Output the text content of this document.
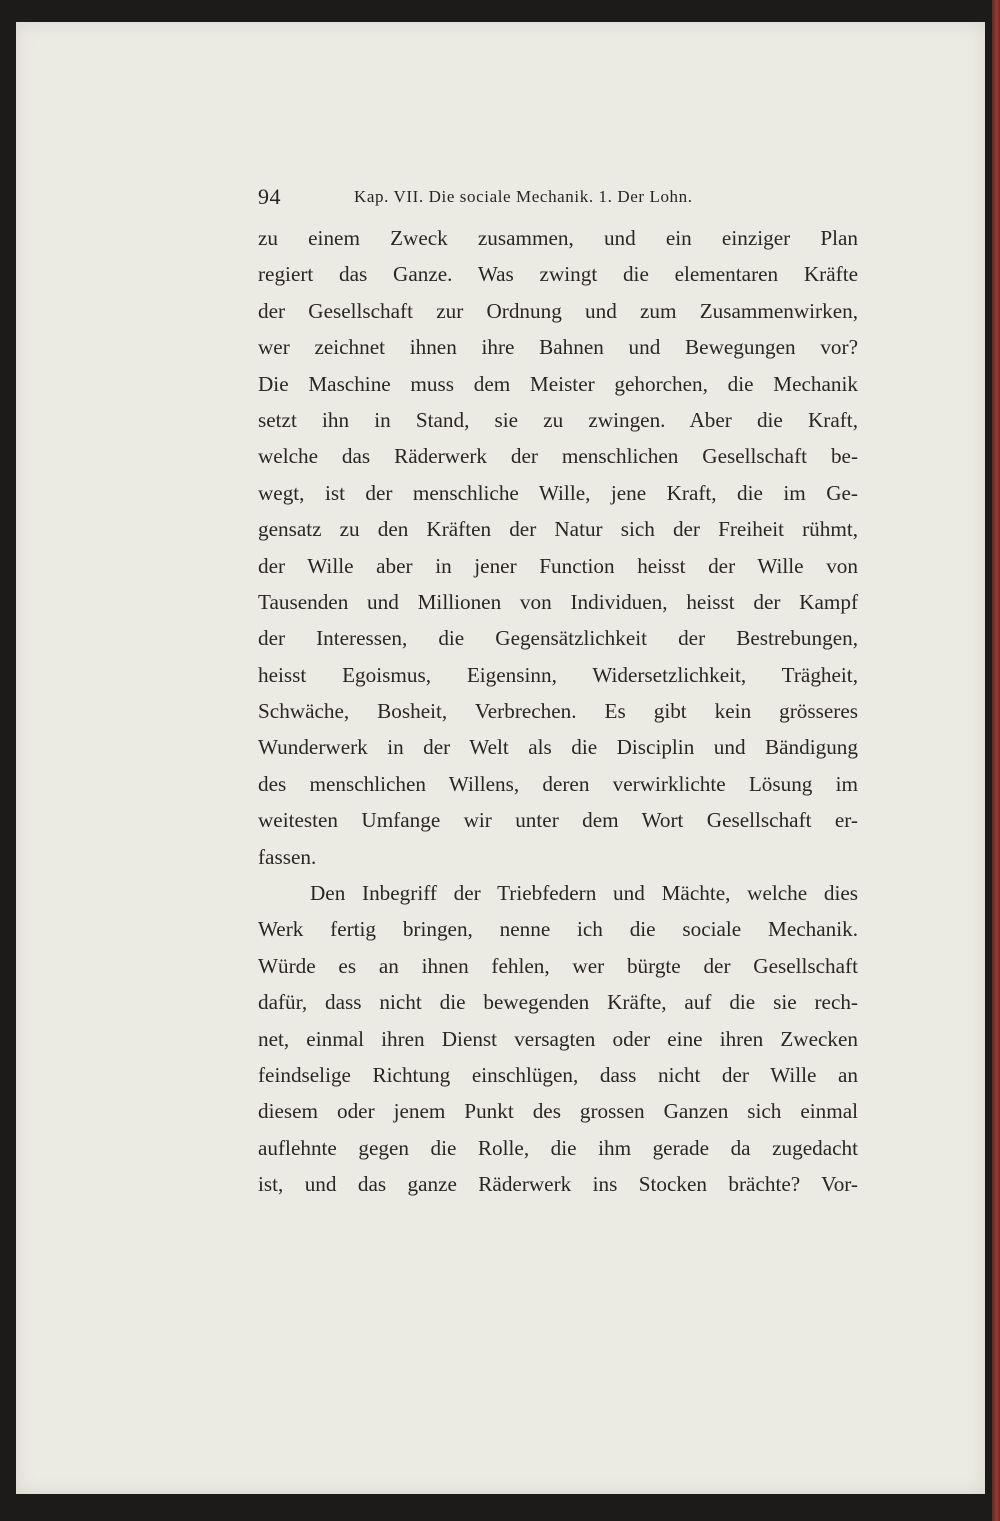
94	Kap. VII. Die sociale Mechanik. 1. Der Lohn.
zu einem Zweck zusammen, und ein einziger Plan
regiert das Ganze. Was zwingt die elementaren Kräfte
der Gesellschaft zur Ordnung und zum Zusammenwirken,
wer zeichnet ihnen ihre Bahnen und Bewegungen vor?
Die Maschine muss dem Meister gehorchen, die Mechanik
setzt ihn in Stand, sie zu zwingen. Aber die Kraft,
welche das Räderwerk der menschlichen Gesellschaft be-
wegt, ist der menschliche Wille, jene Kraft, die im Ge-
gensatz zu den Kräften der Natur sich der Freiheit rühmt,
der Wille aber in jener Function heisst der Wille von
Tausenden und Millionen von Individuen, heisst der Kampf
der Interessen, die Gegensätzlichkeit der Bestrebungen,
heisst Egoismus, Eigensinn, Widersetzlichkeit, Trägheit,
Schwäche, Bosheit, Verbrechen. Es gibt kein grösseres
Wunderwerk in der Welt als die Disciplin und Bändigung
des menschlichen Willens, deren verwirklichte Lösung im
weitesten Umfange wir unter dem Wort Gesellschaft er-
fassen.
Den Inbegriff der Triebfedern und Mächte, welche dies
Werk fertig bringen, nenne ich die sociale Mechanik.
Würde es an ihnen fehlen, wer bürgte der Gesellschaft
dafür, dass nicht die bewegenden Kräfte, auf die sie rech-
net, einmal ihren Dienst versagten oder eine ihren Zwecken
feindselige Richtung einschlügen, dass nicht der Wille an
diesem oder jenem Punkt des grossen Ganzen sich einmal
auflehnte gegen die Rolle, die ihm gerade da zugedacht
ist, und das ganze Räderwerk ins Stocken brächte? Vor-
